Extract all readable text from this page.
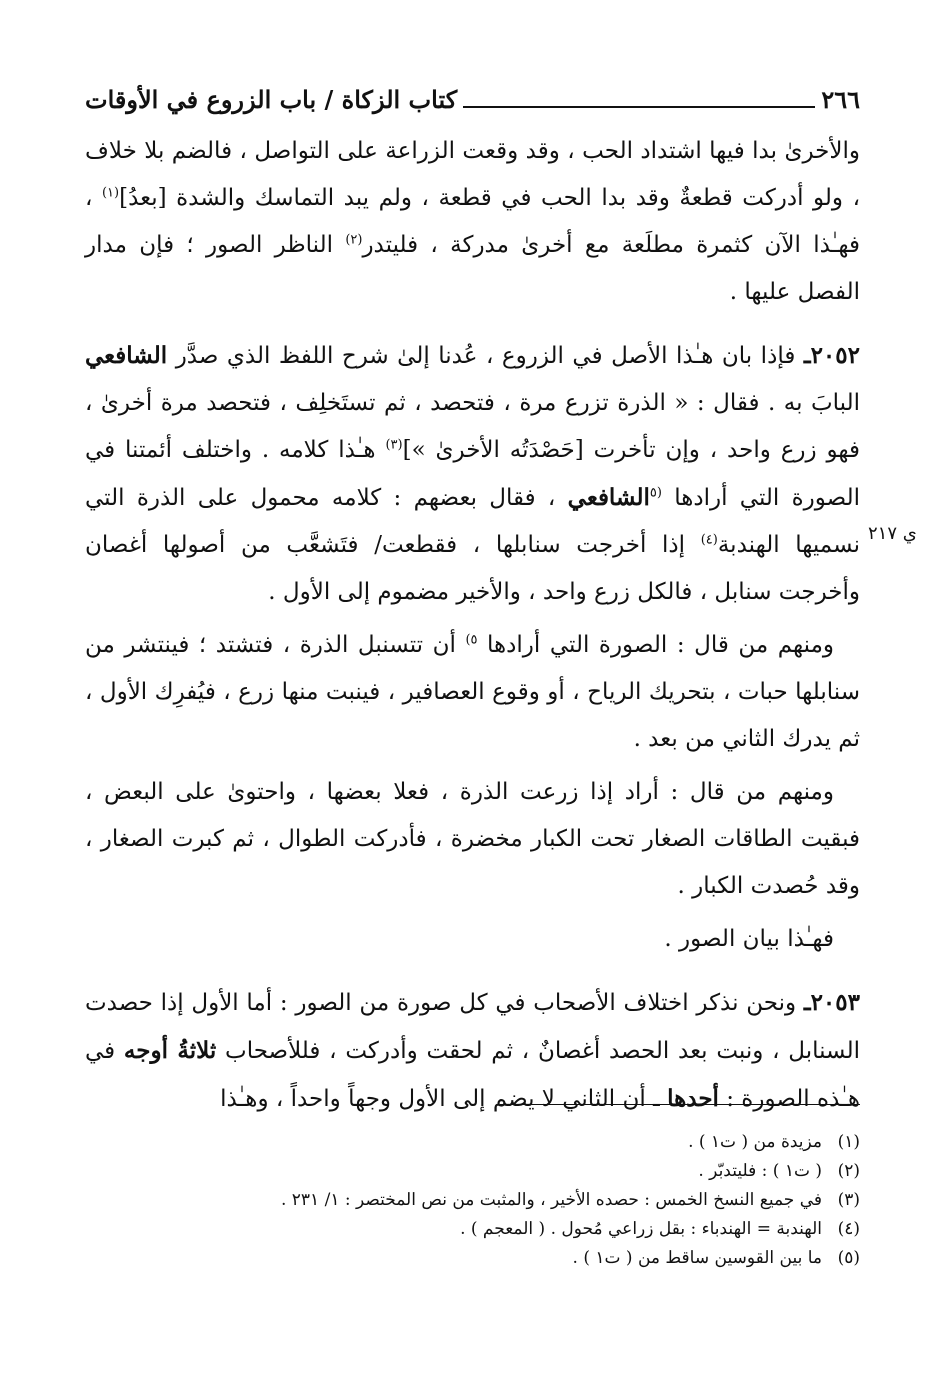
٢٦٦
كتاب الزكاة / باب الزروع في الأوقات
ي ٢١٧

والأخرىٰ بدا فيها اشتداد الحب ، وقد وقعت الزراعة على التواصل ، فالضم بلا خلاف ، ولو أدركت قطعةٌ وقد بدا الحب في قطعة ، ولم يبد التماسك والشدة [بعدُ]$^{(١)}$ ، فهـٰذا الآن كثمرة مطلَعة مع أخرىٰ مدركة ، فليتدر$^{(٢)}$ الناظر الصور ؛ فإن مدار الفصل عليها .

٢٠٥٢ـ فإذا بان هـٰذا الأصل في الزروع ، عُدنا إلىٰ شرح اللفظ الذي صدَّر الشافعي البابَ به . فقال : « الذرة تزرع مرة ، فتحصد ، ثم تستَخلِف ، فتحصد مرة أخرىٰ ، فهو زرع واحد ، وإن تأخرت [حَصْدَتُه الأخرىٰ »]$^{(٣)}$ هـٰذا كلامه . واختلف أئمتنا في الصورة التي أرادها $^{(٥}$الشافعي ، فقال بعضهم : كلامه محمول على الذرة التي نسميها الهندبة$^{(٤)}$ إذا أخرجت سنابلها ، فقطعت/ فتَشعَّب من أصولها أغصان وأخرجت سنابل ، فالكل زرع واحد ، والأخير مضموم إلى الأول .

ومنهم من قال : الصورة التي أرادها $^{٥)}$ أن تتسنبل الذرة ، فتشتد ؛ فينتشر من سنابلها حبات ، بتحريك الرياح ، أو وقوع العصافير ، فينبت منها زرع ، فيُفرِك الأول ، ثم يدرك الثاني من بعد .

ومنهم من قال : أراد إذا زرعت الذرة ، فعلا بعضها ، واحتوىٰ على البعض ، فبقيت الطاقات الصغار تحت الكبار مخضرة ، فأدركت الطوال ، ثم كبرت الصغار ، وقد حُصدت الكبار .

فهـٰذا بيان الصور .

٢٠٥٣ـ ونحن نذكر اختلاف الأصحاب في كل صورة من الصور : أما الأول إذا حصدت السنابل ، ونبت بعد الحصد أغصانٌ ، ثم لحقت وأدركت ، فللأصحاب ثلاثةُ أوجه في هـٰذه الصورة : أحدها ـ أن الثاني لا يضم إلى الأول وجهاً واحداً ، وهـٰذا

(١)
مزيدة من ( ت١ ) .
(٢)
( ت١ ) : فليتدبّر .
(٣)
في جميع النسخ الخمس : حصده الأخير ، والمثبت من نص المختصر : ١/ ٢٣١ .
(٤)
الهندبة = الهندباء : بقل زراعي مُحول . ( المعجم ) .
(٥)
ما بين القوسين ساقط من ( ت١ ) .
